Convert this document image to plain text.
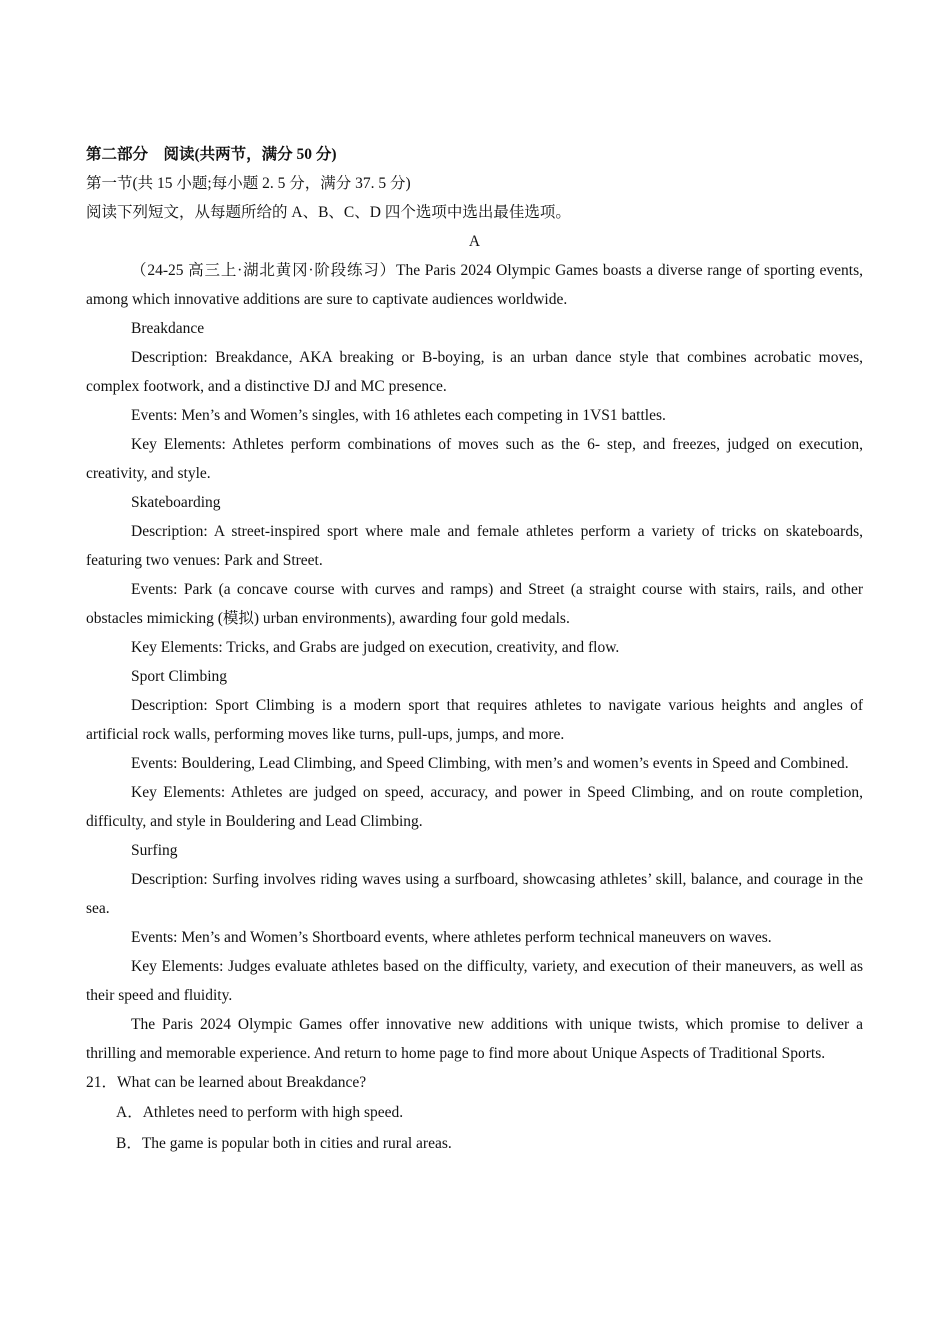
第二部分　阅读(共两节，满分 50 分)

第一节(共 15 小题;每小题 2. 5 分，满分 37. 5 分)

阅读下列短文，从每题所给的 A、B、C、D 四个选项中选出最佳选项。

A

（24-25 高三上·湖北黄冈·阶段练习）The Paris 2024 Olympic Games boasts a diverse range of sporting events, among which innovative additions are sure to captivate audiences worldwide.

Breakdance

Description: Breakdance, AKA breaking or B-boying, is an urban dance style that combines acrobatic moves, complex footwork, and a distinctive DJ and MC presence.

Events: Men’s and Women’s singles, with 16 athletes each competing in 1VS1 battles.

Key Elements: Athletes perform combinations of moves such as the 6- step, and freezes, judged on execution, creativity, and style.

Skateboarding

Description: A street-inspired sport where male and female athletes perform a variety of tricks on skateboards, featuring two venues: Park and Street.

Events: Park (a concave course with curves and ramps) and Street (a straight course with stairs, rails, and other obstacles mimicking (模拟) urban environments), awarding four gold medals.

Key Elements: Tricks, and Grabs are judged on execution, creativity, and flow.

Sport Climbing

Description: Sport Climbing is a modern sport that requires athletes to navigate various heights and angles of artificial rock walls, performing moves like turns, pull-ups, jumps, and more.

Events: Bouldering, Lead Climbing, and Speed Climbing, with men’s and women’s events in Speed and Combined.

Key Elements: Athletes are judged on speed, accuracy, and power in Speed Climbing, and on route completion, difficulty, and style in Bouldering and Lead Climbing.

Surfing

Description: Surfing involves riding waves using a surfboard, showcasing athletes’ skill, balance, and courage in the sea.

Events: Men’s and Women’s Shortboard events, where athletes perform technical maneuvers on waves.

Key Elements: Judges evaluate athletes based on the difficulty, variety, and execution of their maneuvers, as well as their speed and fluidity.

The Paris 2024 Olympic Games offer innovative new additions with unique twists, which promise to deliver a thrilling and memorable experience. And return to home page to find more about Unique Aspects of Traditional Sports.

21．What can be learned about Breakdance?

A．Athletes need to perform with high speed.

B．The game is popular both in cities and rural areas.
